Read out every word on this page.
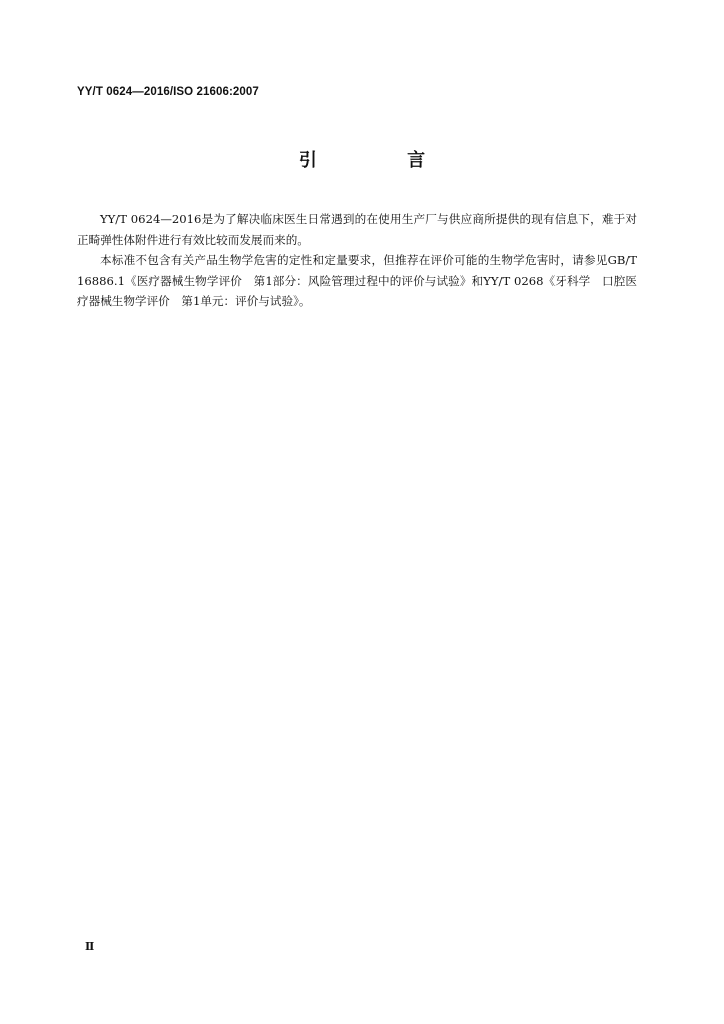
YY/T 0624—2016/ISO 21606:2007
引 言

YY/T 0624—2016是为了解决临床医生日常遇到的在使用生产厂与供应商所提供的现有信息下，难于对正畸弹性体附件进行有效比较而发展而来的。

本标准不包含有关产品生物学危害的定性和定量要求，但推荐在评价可能的生物学危害时，请参见GB/T 16886.1《医疗器械生物学评价　第1部分：风险管理过程中的评价与试验》和YY/T 0268《牙科学　口腔医疗器械生物学评价　第1单元：评价与试验》。

Ⅱ
